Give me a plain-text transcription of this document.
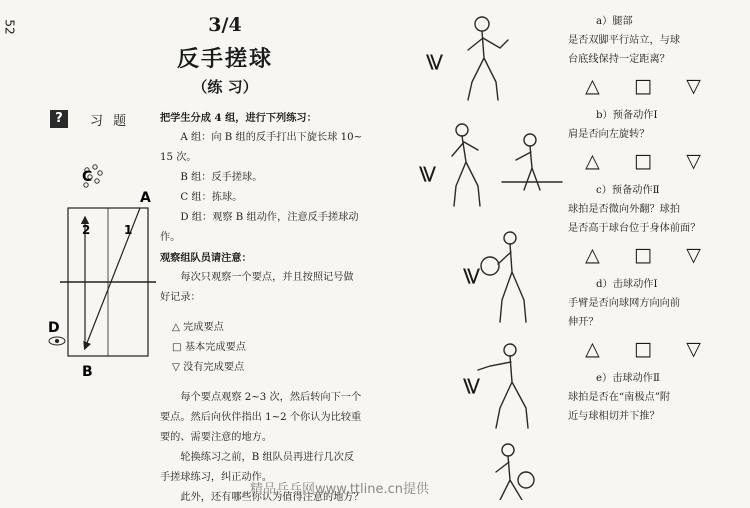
52	3/4
反手搓球
（练 习）
?	习 题
C
A
B
D
2	1

把学生分成 4 组，进行下列练习：

A 组：向 B 组的反手打出下旋长球 10~

15 次。

B 组：反手搓球。

C 组：拣球。

D 组：观察 B 组动作，注意反手搓球动

作。

观察组队员请注意：

每次只观察一个要点，并且按照记号做

好记录：

△ 完成要点

□ 基本完成要点

▽ 没有完成要点

每个要点观察 2~3 次，然后转向下一个

要点。然后向伙伴指出 1~2 个你认为比较重

要的、需要注意的地方。

轮换练习之前，B 组队员再进行几次反

手搓球练习，纠正动作。

此外，还有哪些你认为值得注意的地方？

⩾
⩾
⩾
⩾
a）腿部
是否双脚平行站立，与球
台底线保持一定距离？
△ □ ▽
b）预备动作Ⅰ
肩是否向左旋转？
△ □ ▽
c）预备动作Ⅱ
球拍是否微向外翻？球拍
是否高于球台位于身体前面？
△ □ ▽
d）击球动作Ⅰ
手臂是否向球网方向向前
伸开？
△ □ ▽
e）击球动作Ⅱ
球拍是否在“南极点”附
近与球相切并下推？
精品乒乓网www.ttline.cn提供
